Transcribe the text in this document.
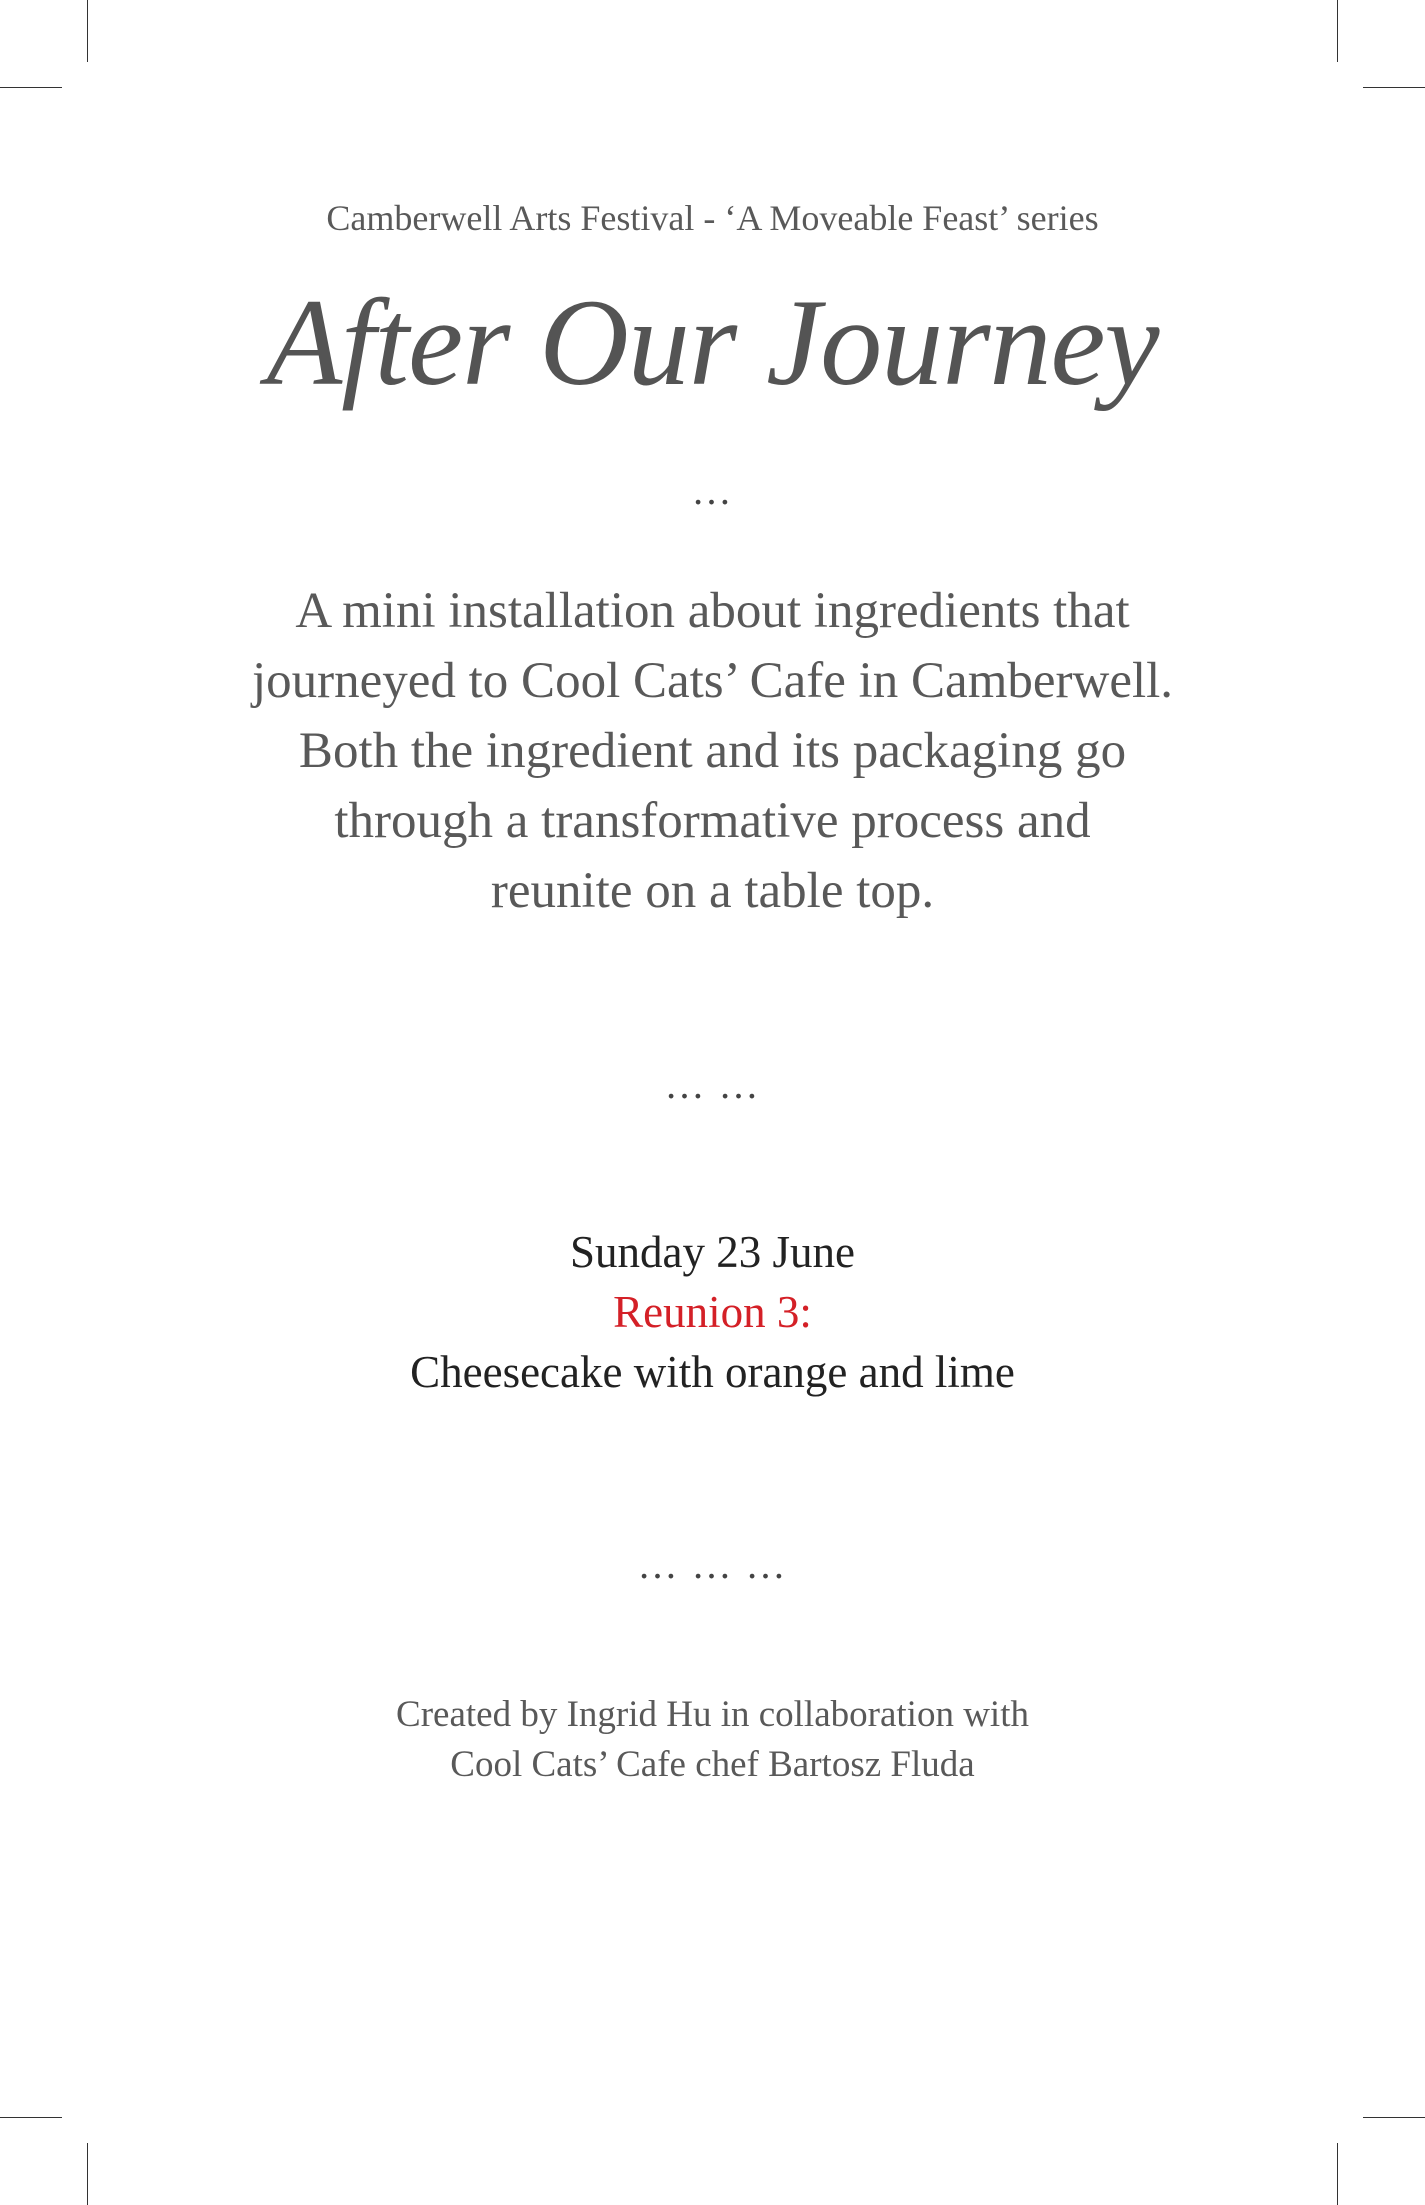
Camberwell Arts Festival - ‘A Moveable Feast’ series
After Our Journey
…
A mini installation about ingredients that
journeyed to Cool Cats’ Cafe in Camberwell.
Both the ingredient and its packaging go
through a transformative process and
reunite on a table top.
… …
Sunday 23 June
Reunion 3:
Cheesecake with orange and lime
… … …
Created by Ingrid Hu in collaboration with
Cool Cats’ Cafe chef Bartosz Fluda
